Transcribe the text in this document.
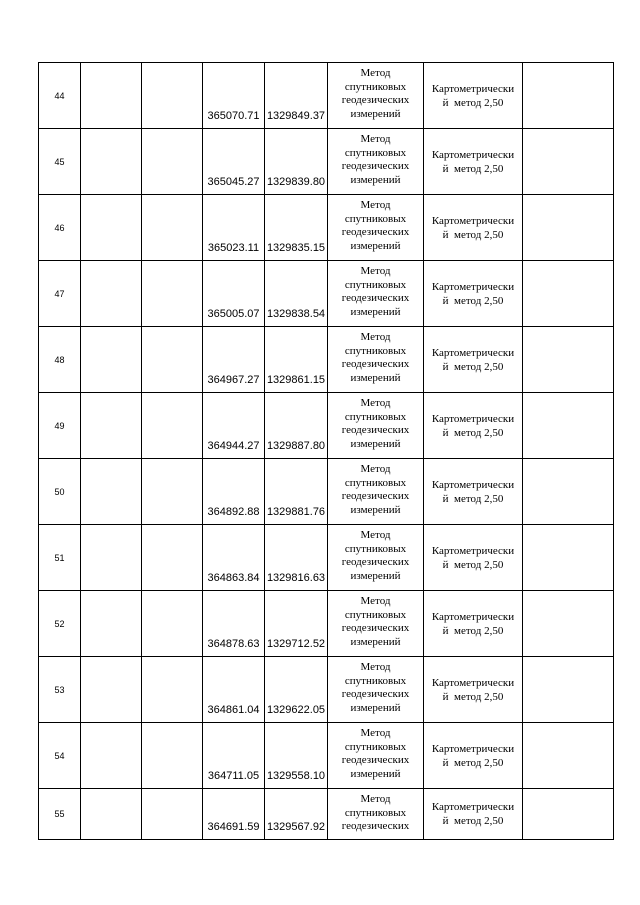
44			365070.71	1329849.37	Метод
спутниковых
геодезических
измерений	Картометрически
й  метод 2,50	

45			365045.27	1329839.80	Метод
спутниковых
геодезических
измерений	Картометрически
й  метод 2,50	

46			365023.11	1329835.15	Метод
спутниковых
геодезических
измерений	Картометрически
й  метод 2,50	

47			365005.07	1329838.54	Метод
спутниковых
геодезических
измерений	Картометрически
й  метод 2,50	

48			364967.27	1329861.15	Метод
спутниковых
геодезических
измерений	Картометрически
й  метод 2,50	

49			364944.27	1329887.80	Метод
спутниковых
геодезических
измерений	Картометрически
й  метод 2,50	

50			364892.88	1329881.76	Метод
спутниковых
геодезических
измерений	Картометрически
й  метод 2,50	

51			364863.84	1329816.63	Метод
спутниковых
геодезических
измерений	Картометрически
й  метод 2,50	

52			364878.63	1329712.52	Метод
спутниковых
геодезических
измерений	Картометрически
й  метод 2,50	

53			364861.04	1329622.05	Метод
спутниковых
геодезических
измерений	Картометрически
й  метод 2,50	

54			364711.05	1329558.10	Метод
спутниковых
геодезических
измерений	Картометрически
й  метод 2,50	

55			364691.59	1329567.92	Метод
спутниковых
геодезических	Картометрически
й  метод 2,50	
